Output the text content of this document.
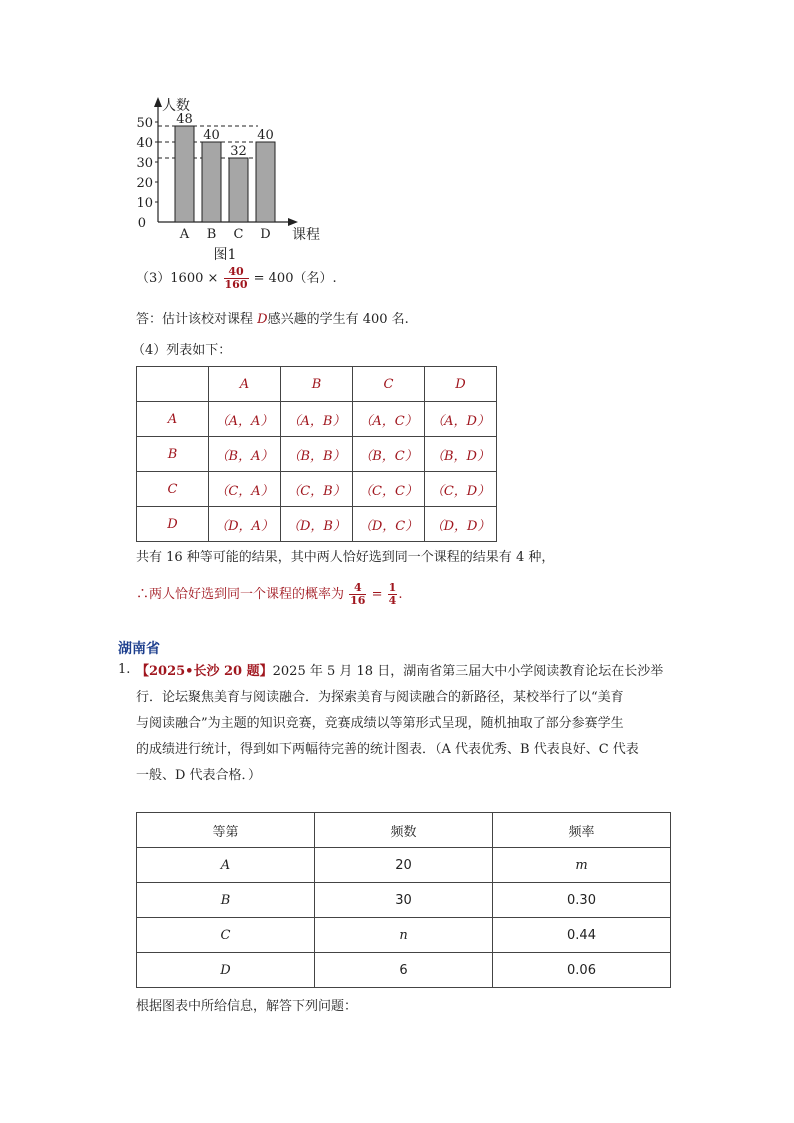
50
40
30
20
10
0
人数
课程
48
A
40
B
32
C
40
D
图1
$(3)1600 \times \frac{40}{160} = 400$（名）.
答：估计该校对课程 D感兴趣的学生有 400 名.
（4）列表如下：
	A	B	C	D
A	（A，A）	（A，B）	（A，C）	（A，D）
B	（B，A）	（B，B）	（B，C）	（B，D）
C	（C，A）	（C，B）	（C，C）	（C，D）
D	（D，A）	（D，B）	（D，C）	（D，D）
共有 16 种等可能的结果，其中两人恰好选到同一个课程的结果有 4 种，
∴两人恰好选到同一个课程的概率为 $\frac{4}{16} = \frac{1}{4}$ .
湖南省
1. 【2025•长沙 20 题】2025 年 5 月 18 日，湖南省第三届大中小学阅读教育论坛在长沙举
行．论坛聚焦美育与阅读融合．为探索美育与阅读融合的新路径，某校举行了以“美育
与阅读融合”为主题的知识竞赛，竞赛成绩以等第形式呈现，随机抽取了部分参赛学生
的成绩进行统计，得到如下两幅待完善的统计图表．（A 代表优秀、B 代表良好、C 代表
一般、D 代表合格．）
等第	频数	频率
A	20	m
B	30	0.30
C	n	0.44
D	6	0.06
根据图表中所给信息，解答下列问题：
